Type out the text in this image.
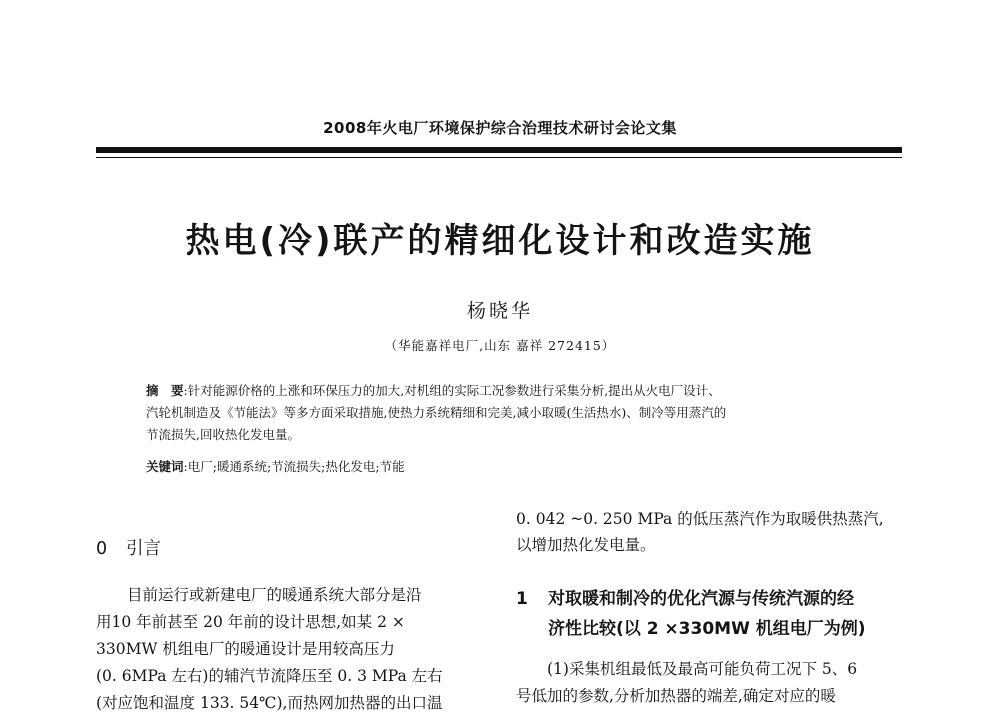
2008年火电厂环境保护综合治理技术研讨会论文集
热电(冷)联产的精细化设计和改造实施
杨晓华
（华能嘉祥电厂,山东 嘉祥 272415）
摘　要:针对能源价格的上涨和环保压力的加大,对机组的实际工况参数进行采集分析,提出从火电厂设计、
汽轮机制造及《节能法》等多方面采取措施,使热力系统精细和完美,减小取暖(生活热水)、制冷等用蒸汽的
节流损失,回收热化发电量。
关键词:电厂;暖通系统;节流损失;热化发电;节能
0 引言
目前运行或新建电厂的暖通系统大部分是沿
用10 年前甚至 20 年前的设计思想,如某 2 ×
330MW 机组电厂的暖通设计是用较高压力
(0. 6MPa 左右)的辅汽节流降压至 0. 3 MPa 左右
(对应饱和温度 133. 54℃),而热网加热器的出口温
0. 042 ~0. 250 MPa 的低压蒸汽作为取暖供热蒸汽,
以增加热化发电量。
1 对取暖和制冷的优化汽源与传统汽源的经
济性比较(以 2 ×330MW 机组电厂为例)
(1)采集机组最低及最高可能负荷工况下 5、6
号低加的参数,分析加热器的端差,确定对应的暖
